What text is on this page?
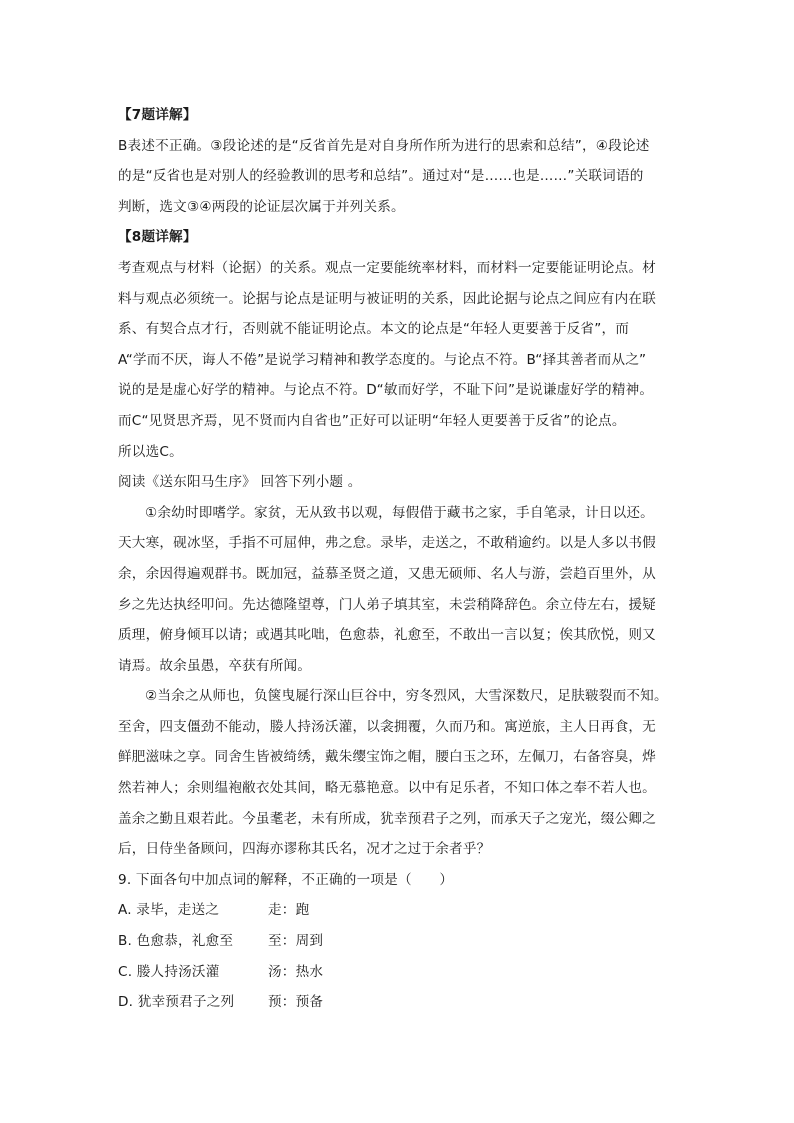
【7题详解】
B表述不正确。③段论述的是“反省首先是对自身所作所为进行的思索和总结”，④段论述
的是“反省也是对别人的经验教训的思考和总结”。通过对“是……也是……”关联词语的
判断，选文③④两段的论证层次属于并列关系。
【8题详解】
考查观点与材料（论据）的关系。观点一定要能统率材料，而材料一定要能证明论点。材
料与观点必须统一。论据与论点是证明与被证明的关系，因此论据与论点之间应有内在联
系、有契合点才行，否则就不能证明论点。本文的论点是“年轻人更要善于反省”，而
A“学而不厌，诲人不倦”是说学习精神和教学态度的。与论点不符。B“择其善者而从之”
说的是是虚心好学的精神。与论点不符。D“敏而好学，不耻下问”是说谦虚好学的精神。
而C“见贤思齐焉，见不贤而内自省也”正好可以证明“年轻人更要善于反省”的论点。
所以选C。
阅读《送东阳马生序》 回答下列小题 。
①余幼时即嗜学。家贫，无从致书以观，每假借于藏书之家，手自笔录，计日以还。
天大寒，砚冰坚，手指不可屈伸，弗之怠。录毕，走送之，不敢稍逾约。以是人多以书假
余，余因得遍观群书。既加冠，益慕圣贤之道，又患无硕师、名人与游，尝趋百里外，从
乡之先达执经叩问。先达德隆望尊，门人弟子填其室，未尝稍降辞色。余立侍左右，援疑
质理，俯身倾耳以请；或遇其叱咄，色愈恭，礼愈至，不敢出一言以复；俟其欣悦，则又
请焉。故余虽愚，卒获有所闻。
②当余之从师也，负箧曳屣行深山巨谷中，穷冬烈风，大雪深数尺，足肤皲裂而不知。
至舍，四支僵劲不能动，媵人持汤沃灌，以衾拥覆，久而乃和。寓逆旅，主人日再食，无
鲜肥滋味之享。同舍生皆被绮绣，戴朱缨宝饰之帽，腰白玉之环，左佩刀，右备容臭，烨
然若神人；余则缊袍敝衣处其间，略无慕艳意。以中有足乐者，不知口体之奉不若人也。
盖余之勤且艰若此。今虽耄老，未有所成，犹幸预君子之列，而承天子之宠光，缀公卿之
后，日侍坐备顾问，四海亦谬称其氏名，况才之过于余者乎？
9. 下面各句中加点词的解释，不正确的一项是（　　）
A. 录毕，走送之	走：跑
B. 色愈恭，礼愈至	至：周到
C. 媵人持汤沃灌	汤：热水
D. 犹幸预君子之列	预：预备
